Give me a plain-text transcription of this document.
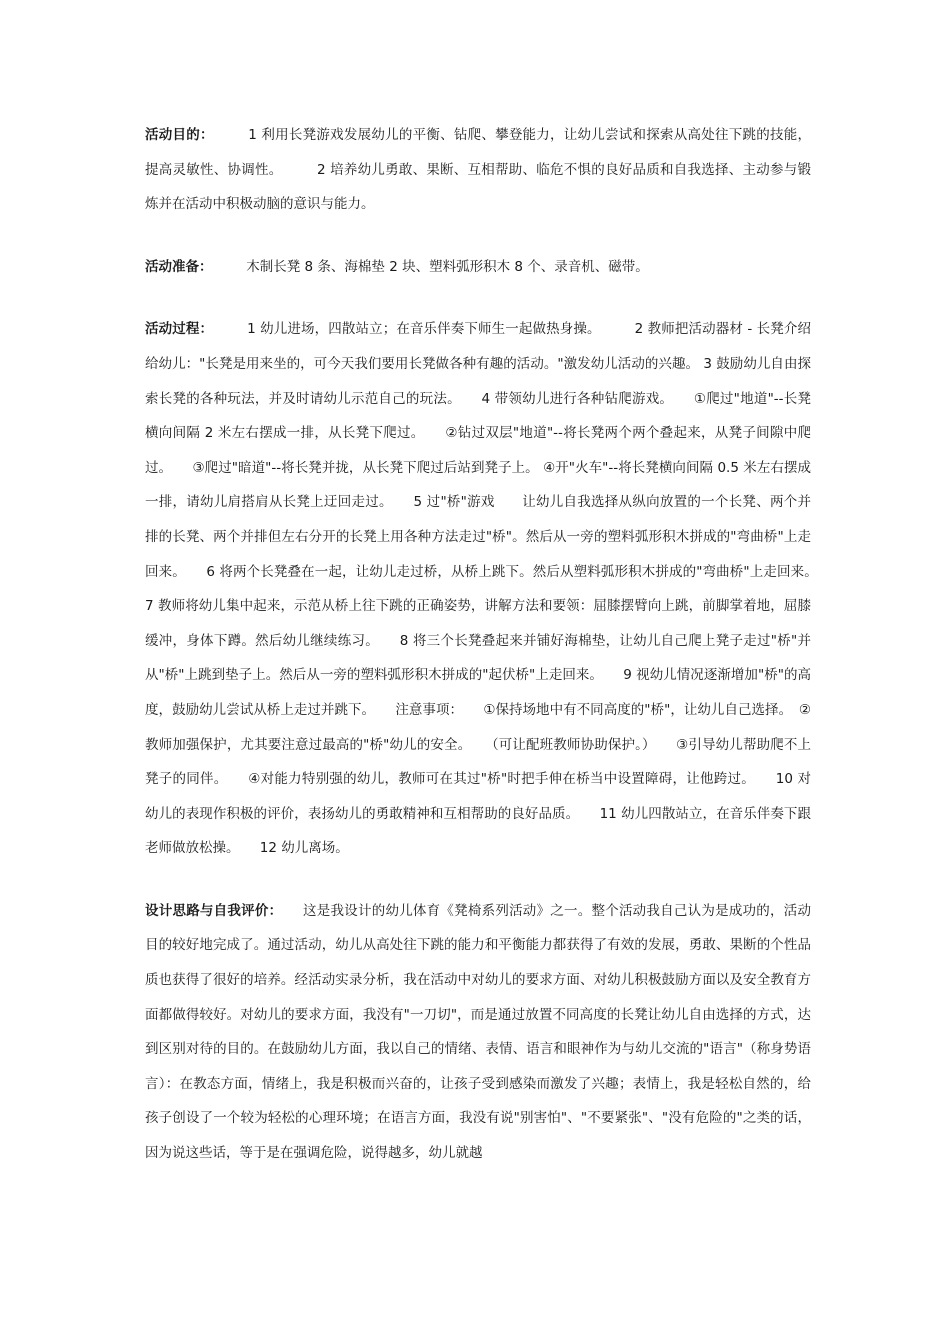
活动目的：　　　1 利用长凳游戏发展幼儿的平衡、钻爬、攀登能力，让幼儿尝试和探索从高处往下跳的技能，提高灵敏性、协调性。　　　2 培养幼儿勇敢、果断、互相帮助、临危不惧的良好品质和自我选择、主动参与锻炼并在活动中积极动脑的意识与能力。

活动准备：　　　木制长凳 8 条、海棉垫 2 块、塑料弧形积木 8 个、录音机、磁带。

活动过程：　　　1 幼儿进场，四散站立；在音乐伴奏下师生一起做热身操。　　　2 教师把活动器材 - 长凳介绍给幼儿："长凳是用来坐的，可今天我们要用长凳做各种有趣的活动。"激发幼儿活动的兴趣。 3 鼓励幼儿自由探索长凳的各种玩法，并及时请幼儿示范自己的玩法。　　4 带领幼儿进行各种钻爬游戏。　　①爬过"地道"--长凳横向间隔 2 米左右摆成一排，从长凳下爬过。　　②钻过双层"地道"--将长凳两个两个叠起来，从凳子间隙中爬过。　　③爬过"暗道"--将长凳并拢，从长凳下爬过后站到凳子上。 ④开"火车"--将长凳横向间隔 0.5 米左右摆成一排，请幼儿肩搭肩从长凳上迂回走过。　　5 过"桥"游戏　　让幼儿自我选择从纵向放置的一个长凳、两个并排的长凳、两个并排但左右分开的长凳上用各种方法走过"桥"。然后从一旁的塑料弧形积木拼成的"弯曲桥"上走回来。　　6 将两个长凳叠在一起，让幼儿走过桥，从桥上跳下。然后从塑料弧形积木拼成的"弯曲桥"上走回来。　　7 教师将幼儿集中起来，示范从桥上往下跳的正确姿势，讲解方法和要领：屈膝摆臂向上跳，前脚掌着地，屈膝缓冲，身体下蹲。然后幼儿继续练习。　　8 将三个长凳叠起来并铺好海棉垫，让幼儿自己爬上凳子走过"桥"并从"桥"上跳到垫子上。然后从一旁的塑料弧形积木拼成的"起伏桥"上走回来。　　9 视幼儿情况逐渐增加"桥"的高度，鼓励幼儿尝试从桥上走过并跳下。　　注意事项：　　①保持场地中有不同高度的"桥"，让幼儿自己选择。　②教师加强保护，尤其要注意过最高的"桥"幼儿的安全。　　（可让配班教师协助保护。）　　③引导幼儿帮助爬不上凳子的同伴。　　④对能力特别强的幼儿，教师可在其过"桥"时把手伸在桥当中设置障碍，让他跨过。　　10 对幼儿的表现作积极的评价，表扬幼儿的勇敢精神和互相帮助的良好品质。　　11 幼儿四散站立，在音乐伴奏下跟老师做放松操。　　12 幼儿离场。

设计思路与自我评价：　　这是我设计的幼儿体育《凳椅系列活动》之一。整个活动我自己认为是成功的，活动目的较好地完成了。通过活动，幼儿从高处往下跳的能力和平衡能力都获得了有效的发展，勇敢、果断的个性品质也获得了很好的培养。经活动实录分析，我在活动中对幼儿的要求方面、对幼儿积极鼓励方面以及安全教育方面都做得较好。对幼儿的要求方面，我没有"一刀切"，而是通过放置不同高度的长凳让幼儿自由选择的方式，达到区别对待的目的。在鼓励幼儿方面，我以自己的情绪、表情、语言和眼神作为与幼儿交流的"语言"（称身势语言）：在教态方面，情绪上，我是积极而兴奋的，让孩子受到感染而激发了兴趣；表情上，我是轻松自然的，给孩子创设了一个较为轻松的心理环境；在语言方面，我没有说"别害怕"、"不要紧张"、"没有危险的"之类的话，因为说这些话，等于是在强调危险，说得越多，幼儿就越
